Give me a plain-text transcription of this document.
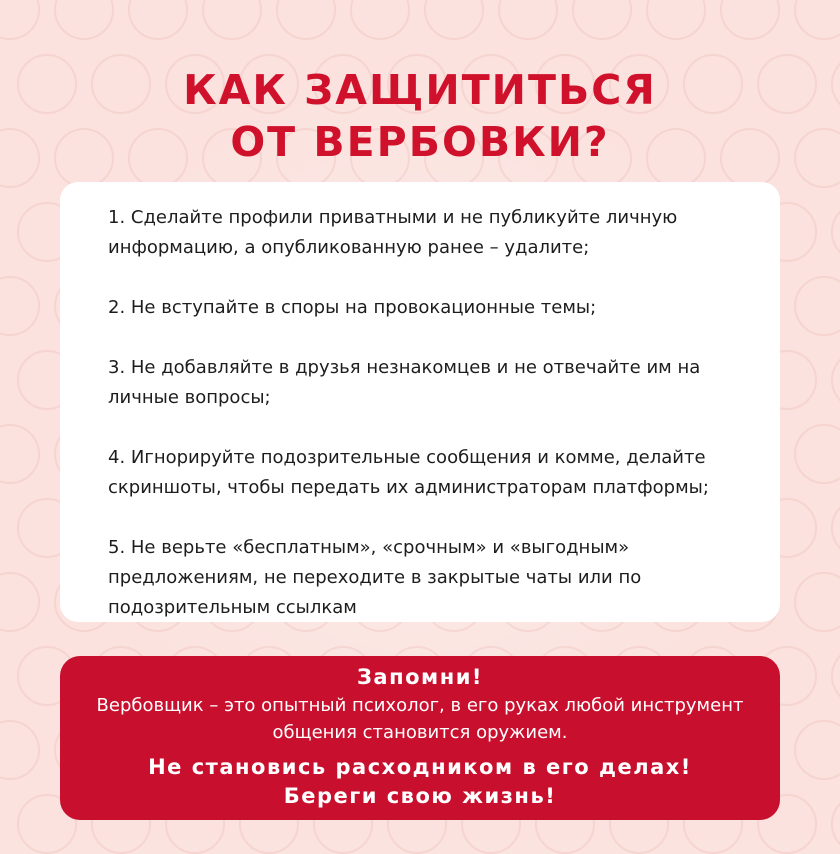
КАК ЗАЩИТИТЬСЯ
ОТ ВЕРБОВКИ?

1. Сделайте профили приватными и не публикуйте личную информацию, а опубликованную ранее – удалите;

2. Не вступайте в споры на провокационные темы;

3. Не добавляйте в друзья незнакомцев и не отвечайте им на личные вопросы;

4. Игнорируйте подозрительные сообщения и комме, делайте скриншоты, чтобы передать их администраторам платформы;

5. Не верьте «бесплатным», «срочным» и «выгодным» предложениям, не переходите в закрытые чаты или по подозрительным ссылкам

Запомни!
Вербовщик – это опытный психолог, в его руках любой инструмент
общения становится оружием.
Не становись расходником в его делах!
Береги свою жизнь!
